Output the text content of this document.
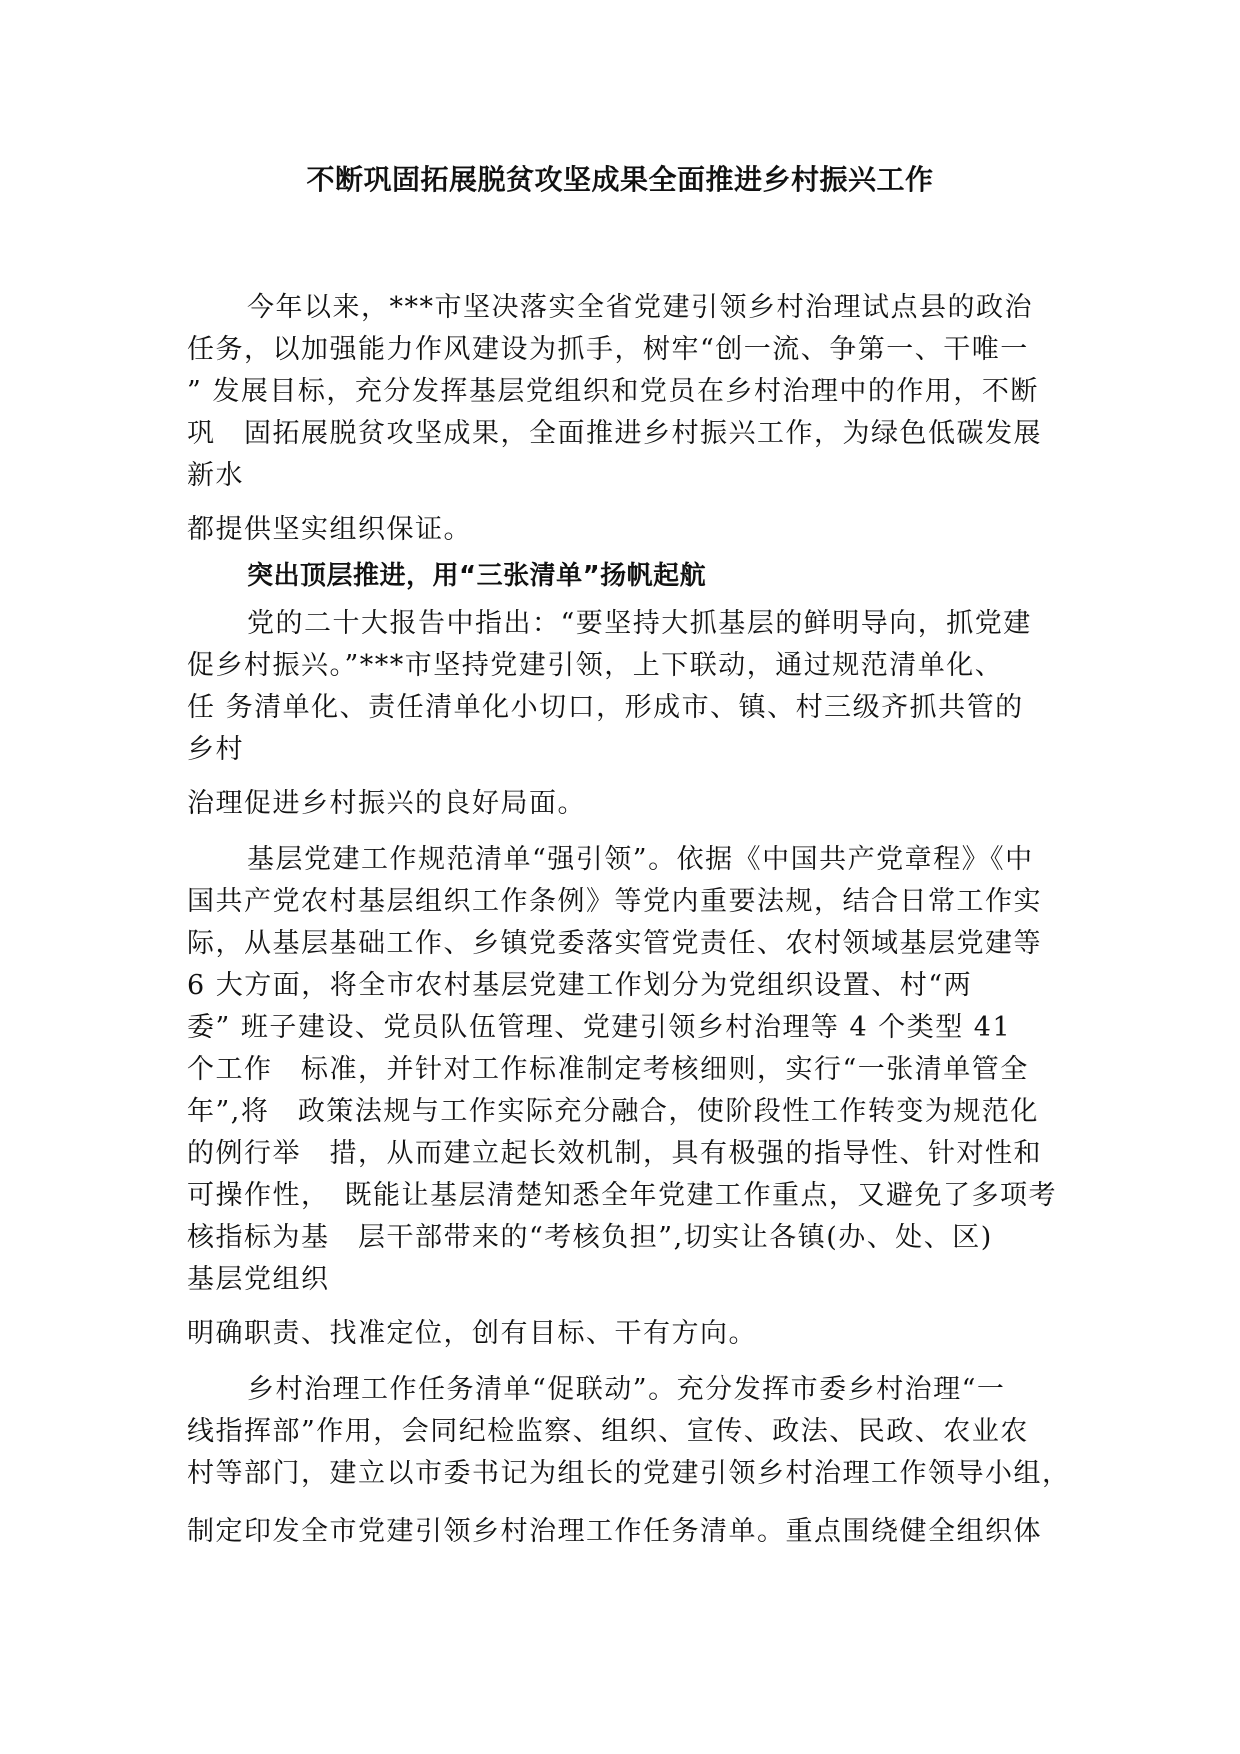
不断巩固拓展脱贫攻坚成果全面推进乡村振兴工作

今年以来，***市坚决落实全省党建引领乡村治理试点县的政治

任务，以加强能力作风建设为抓手，树牢“创一流、争第一、干唯一

” 发展目标，充分发挥基层党组织和党员在乡村治理中的作用，不断

巩　固拓展脱贫攻坚成果，全面推进乡村振兴工作，为绿色低碳发展

新水

都提供坚实组织保证。

突出顶层推进，用“三张清单”扬帆起航

党的二十大报告中指出：“要坚持大抓基层的鲜明导向，抓党建

促乡村振兴。”***市坚持党建引领，上下联动，通过规范清单化、

任 务清单化、责任清单化小切口，形成市、镇、村三级齐抓共管的

乡村

治理促进乡村振兴的良好局面。

基层党建工作规范清单“强引领”。依据《中国共产党章程》《中

国共产党农村基层组织工作条例》等党内重要法规，结合日常工作实

际，从基层基础工作、乡镇党委落实管党责任、农村领域基层党建等

6 大方面，将全市农村基层党建工作划分为党组织设置、村“两

委” 班子建设、党员队伍管理、党建引领乡村治理等 4 个类型 41

个工作　标准，并针对工作标准制定考核细则，实行“一张清单管全

年”,将　政策法规与工作实际充分融合，使阶段性工作转变为规范化

的例行举　措，从而建立起长效机制，具有极强的指导性、针对性和

可操作性，　既能让基层清楚知悉全年党建工作重点，又避免了多项考

核指标为基　层干部带来的“考核负担”,切实让各镇(办、处、区)

基层党组织

明确职责、找准定位，创有目标、干有方向。

乡村治理工作任务清单“促联动”。充分发挥市委乡村治理“一

线指挥部”作用，会同纪检监察、组织、宣传、政法、民政、农业农

村等部门，建立以市委书记为组长的党建引领乡村治理工作领导小组，

制定印发全市党建引领乡村治理工作任务清单。重点围绕健全组织体
